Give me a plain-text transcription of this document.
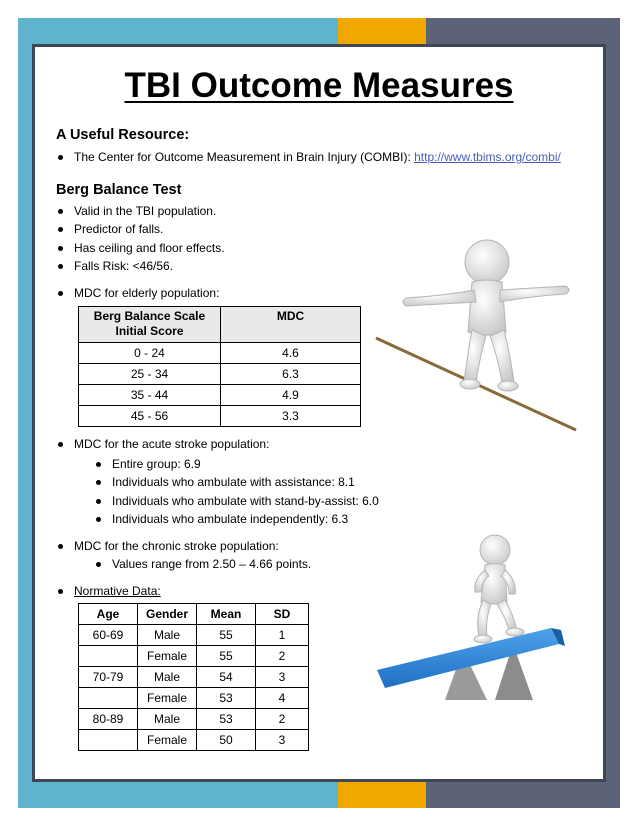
TBI Outcome Measures
A Useful Resource:
The Center for Outcome Measurement in Brain Injury (COMBI): http://www.tbims.org/combi/
Berg Balance Test
Valid in the TBI population.
Predictor of falls.
Has ceiling and floor effects.
Falls Risk: <46/56.
MDC for elderly population:
Berg Balance Scale Initial Score	MDC
0 - 24	4.6
25 - 34	6.3
35 - 44	4.9
45 - 56	3.3
MDC for the acute stroke population:
Entire group: 6.9
Individuals who ambulate with assistance: 8.1
Individuals who ambulate with stand-by-assist: 6.0
Individuals who ambulate independently: 6.3
MDC for the chronic stroke population:
Values range from 2.50 – 4.66 points.
Normative Data:
Age	Gender	Mean	SD
60-69	Male	55	1
	Female	55	2
70-79	Male	54	3
	Female	53	4
80-89	Male	53	2
	Female	50	3
